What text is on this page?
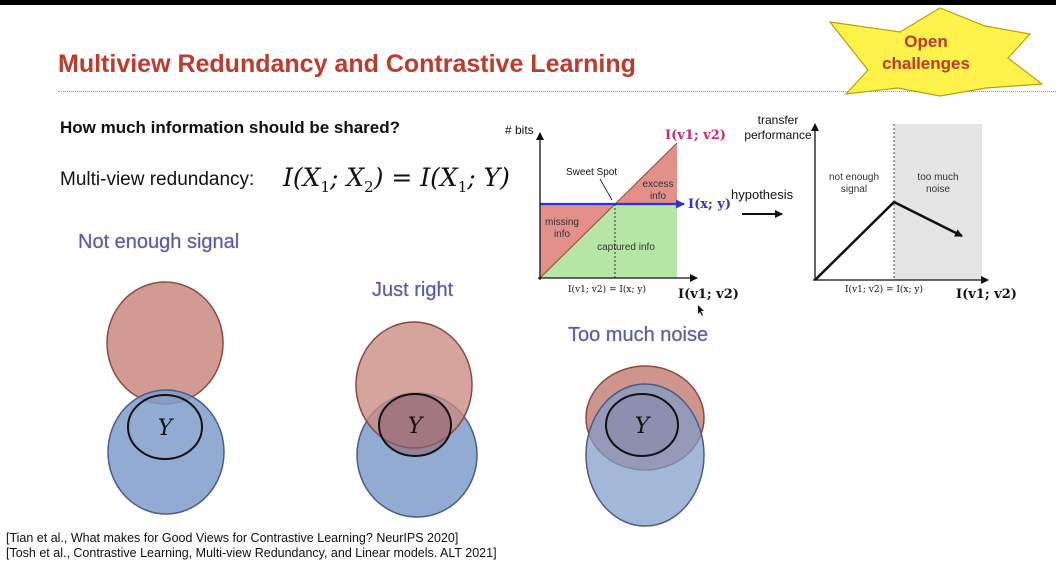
Multiview Redundancy and Contrastive Learning
How much information should be shared?
Multi-view redundancy: $I(X_1$; $X_2) = I(X_1$; Y)
Not enough signal
Just right
Too much noise
Open
challenges
Y	Y	Y
# bits	I(v1; v2)
I(x; y)
Sweet Spot
excess
info
missing
info
captured info
I(v1; v2) = I(x; y) I(v1; v2)
hypothesis
transfer
performance
not enough
signal
too much
noise
I(v1; v2) = I(x; y)	I(v1; v2)
[Tian et al., What makes for Good Views for Contrastive Learning? NeurIPS 2020]
[Tosh et al., Contrastive Learning, Multi-view Redundancy, and Linear models. ALT 2021]
